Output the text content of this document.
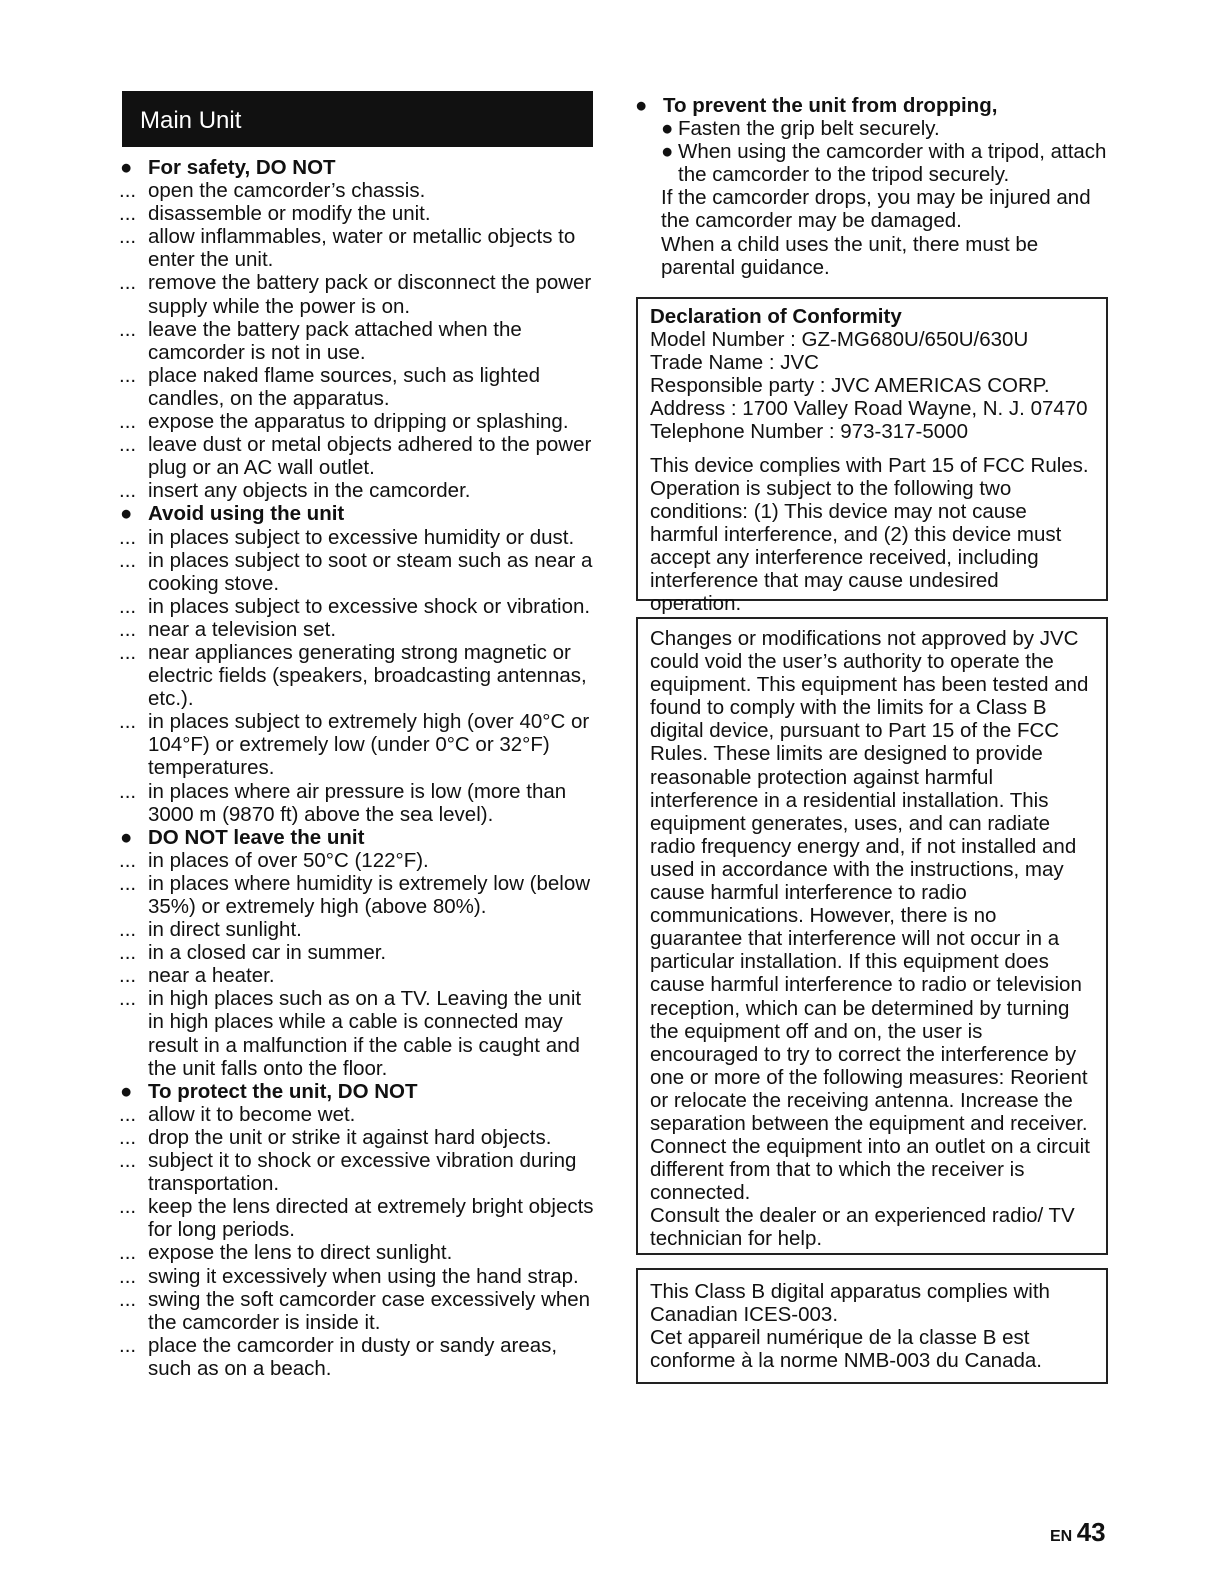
Main Unit
● For safety, DO NOT
... open the camcorder’s chassis.
... disassemble or modify the unit.
... allow inflammables, water or metallic objects to enter the unit.
... remove the battery pack or disconnect the power supply while the power is on.
... leave the battery pack attached when the camcorder is not in use.
... place naked flame sources, such as lighted candles, on the apparatus.
... expose the apparatus to dripping or splashing.
... leave dust or metal objects adhered to the power plug or an AC wall outlet.
... insert any objects in the camcorder.
● Avoid using the unit
... in places subject to excessive humidity or dust.
... in places subject to soot or steam such as near a cooking stove.
... in places subject to excessive shock or vibration.
... near a television set.
... near appliances generating strong magnetic or electric fields (speakers, broadcasting antennas, etc.).
... in places subject to extremely high (over 40°C or 104°F) or extremely low (under 0°C or 32°F) temperatures.
... in places where air pressure is low (more than 3000 m (9870 ft) above the sea level).
● DO NOT leave the unit
... in places of over 50°C (122°F).
... in places where humidity is extremely low (below 35%) or extremely high (above 80%).
... in direct sunlight.
... in a closed car in summer.
... near a heater.
... in high places such as on a TV. Leaving the unit in high places while a cable is connected may result in a malfunction if the cable is caught and the unit falls onto the floor.
● To protect the unit, DO NOT
... allow it to become wet.
... drop the unit or strike it against hard objects.
... subject it to shock or excessive vibration during transportation.
... keep the lens directed at extremely bright objects for long periods.
... expose the lens to direct sunlight.
... swing it excessively when using the hand strap.
... swing the soft camcorder case excessively when the camcorder is inside it.
... place the camcorder in dusty or sandy areas, such as on a beach.
● To prevent the unit from dropping,
● Fasten the grip belt securely.
● When using the camcorder with a tripod, attach the camcorder to the tripod securely.
If the camcorder drops, you may be injured and the camcorder may be damaged.
When a child uses the unit, there must be parental guidance.
Declaration of Conformity
Model Number : GZ-MG680U/650U/630U
Trade Name : JVC
Responsible party : JVC AMERICAS CORP.
Address : 1700 Valley Road Wayne, N. J. 07470
Telephone Number : 973-317-5000
This device complies with Part 15 of FCC Rules. Operation is subject to the following two conditions: (1) This device may not cause harmful interference, and (2) this device must accept any interference received, including interference that may cause undesired operation.
Changes or modifications not approved by JVC could void the user’s authority to operate the equipment. This equipment has been tested and found to comply with the limits for a Class B digital device, pursuant to Part 15 of the FCC Rules. These limits are designed to provide reasonable protection against harmful interference in a residential installation. This equipment generates, uses, and can radiate radio frequency energy and, if not installed and used in accordance with the instructions, may cause harmful interference to radio communications. However, there is no guarantee that interference will not occur in a particular installation. If this equipment does cause harmful interference to radio or television reception, which can be determined by turning the equipment off and on, the user is encouraged to try to correct the interference by one or more of the following measures: Reorient or relocate the receiving antenna. Increase the separation between the equipment and receiver.
Connect the equipment into an outlet on a circuit different from that to which the receiver is connected.
Consult the dealer or an experienced radio/ TV technician for help.
This Class B digital apparatus complies with Canadian ICES-003.
Cet appareil numérique de la classe B est conforme à la norme NMB-003 du Canada.
EN 43
